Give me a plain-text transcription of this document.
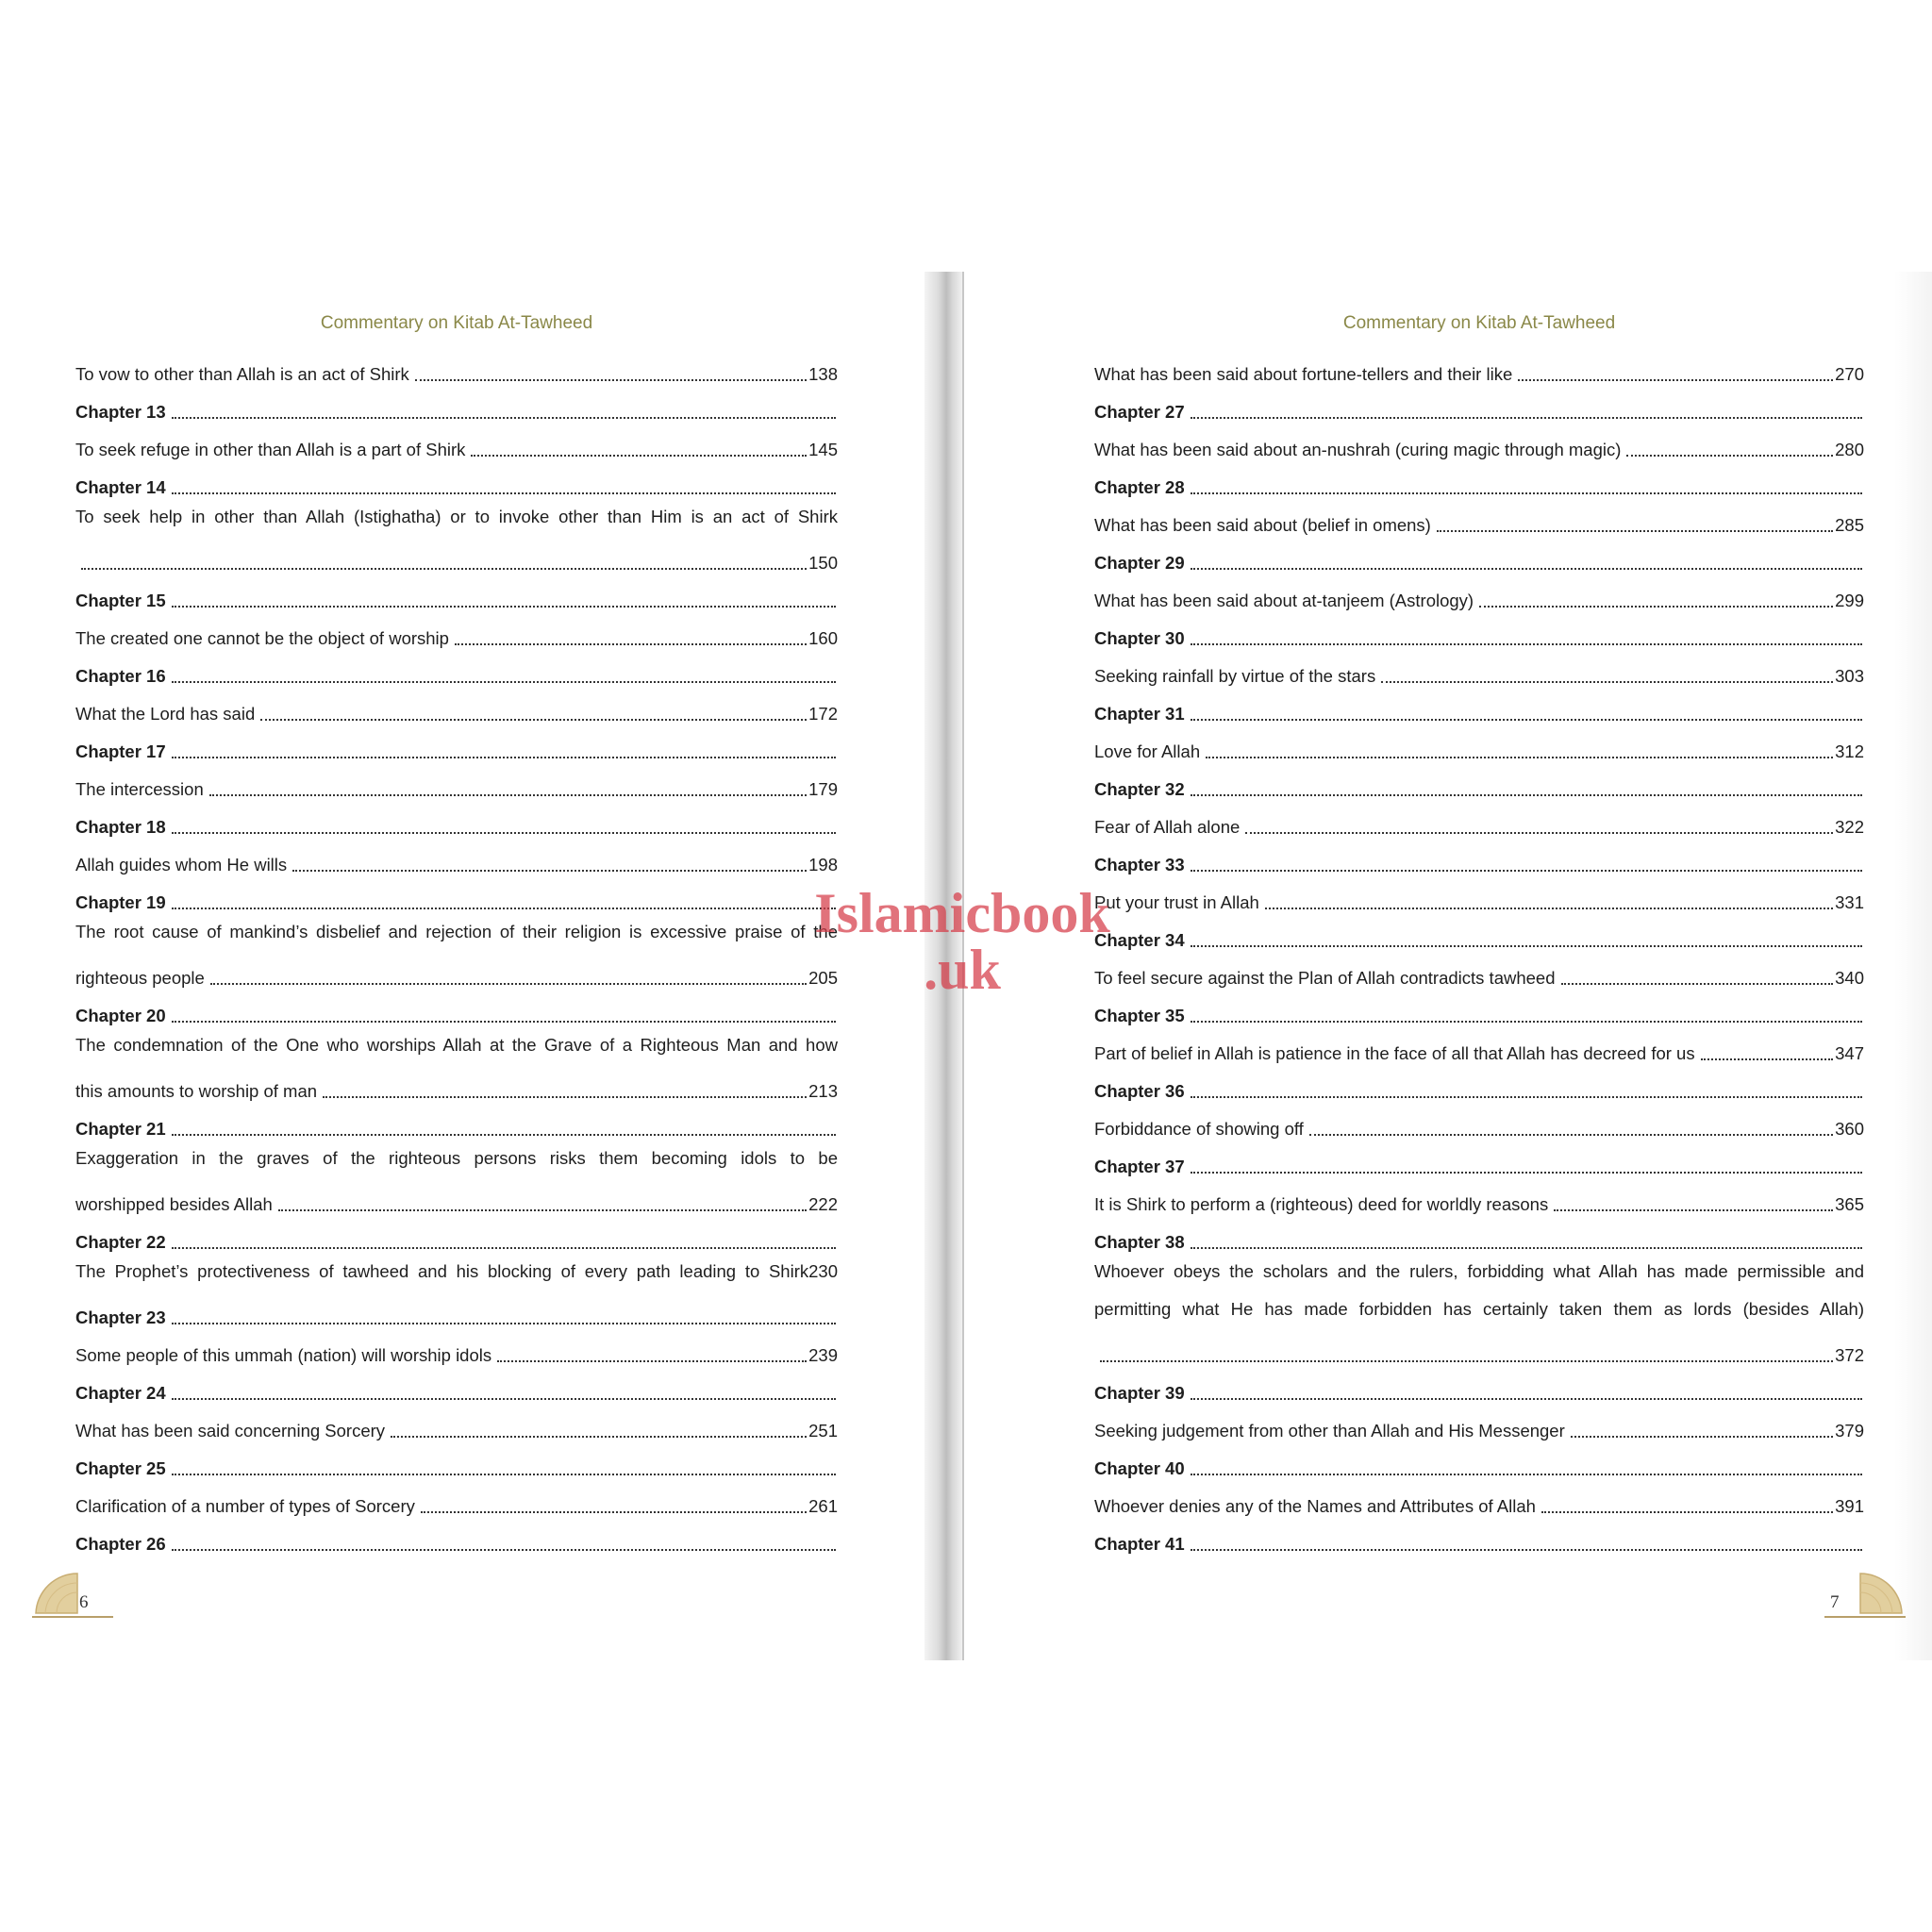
Commentary on Kitab At-Tawheed
To vow to other than Allah is an act of Shirk	138
Chapter 13
To seek refuge in other than Allah is a part of Shirk	145
Chapter 14
To seek help in other than Allah (Istighatha) or to invoke other than Him is an act of Shirk
150
Chapter 15
The created one cannot be the object of worship	160
Chapter 16
What the Lord has said	172
Chapter 17
The intercession	179
Chapter 18
Allah guides whom He wills	198
Chapter 19
The root cause of mankind’s disbelief and rejection of their religion is excessive praise of the
righteous people	205
Chapter 20
The condemnation of the One who worships Allah at the Grave of a Righteous Man and how
this amounts to worship of man	213
Chapter 21
Exaggeration in the graves of the righteous persons risks them becoming idols to be
worshipped besides Allah	222
Chapter 22
The Prophet’s protectiveness of tawheed and his blocking of every path leading to Shirk230
Chapter 23
Some people of this ummah (nation) will worship idols	239
Chapter 24
What has been said concerning Sorcery	251
Chapter 25
Clarification of a number of types of Sorcery	261
Chapter 26
Commentary on Kitab At-Tawheed
What has been said about fortune-tellers and their like	270
Chapter 27
What has been said about an-nushrah (curing magic through magic)	280
Chapter 28
What has been said about (belief in omens)	285
Chapter 29
What has been said about at-tanjeem (Astrology)	299
Chapter 30
Seeking rainfall by virtue of the stars	303
Chapter 31
Love for Allah	312
Chapter 32
Fear of Allah alone	322
Chapter 33
Put your trust in Allah	331
Chapter 34
To feel secure against the Plan of Allah contradicts tawheed	340
Chapter 35
Part of belief in Allah is patience in the face of all that Allah has decreed for us	347
Chapter 36
Forbiddance of showing off	360
Chapter 37
It is Shirk to perform a (righteous) deed for worldly reasons	365
Chapter 38
Whoever obeys the scholars and the rulers, forbidding what Allah has made permissible and
permitting what He has made forbidden has certainly taken them as lords (besides Allah)
372
Chapter 39
Seeking judgement from other than Allah and His Messenger	379
Chapter 40
Whoever denies any of the Names and Attributes of Allah	391
Chapter 41
6	7
Islamicbook
.uk
